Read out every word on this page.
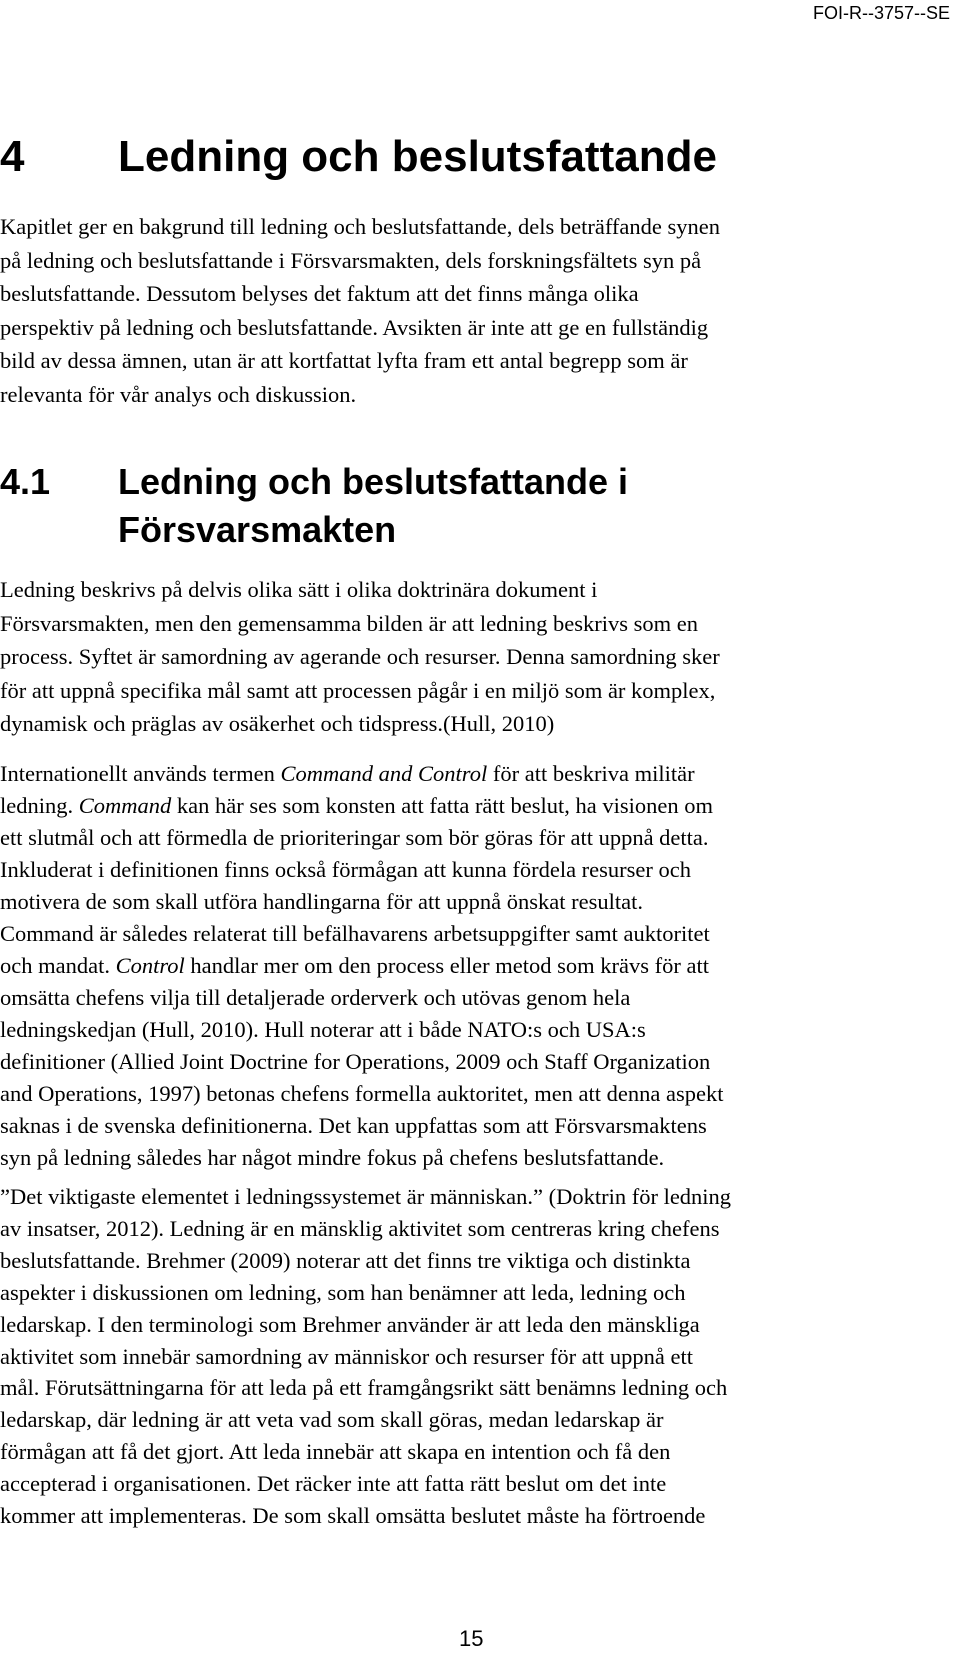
FOI-R--3757--SE
4 Ledning och beslutsfattande

Kapitlet ger en bakgrund till ledning och beslutsfattande, dels beträffande synen
på ledning och beslutsfattande i Försvarsmakten, dels forskningsfältets syn på
beslutsfattande. Dessutom belyses det faktum att det finns många olika
perspektiv på ledning och beslutsfattande. Avsikten är inte att ge en fullständig
bild av dessa ämnen, utan är att kortfattat lyfta fram ett antal begrepp som är
relevanta för vår analys och diskussion.

4.1 Ledning och beslutsfattande i Försvarsmakten

Ledning beskrivs på delvis olika sätt i olika doktrinära dokument i
Försvarsmakten, men den gemensamma bilden är att ledning beskrivs som en
process. Syftet är samordning av agerande och resurser. Denna samordning sker
för att uppnå specifika mål samt att processen pågår i en miljö som är komplex,
dynamisk och präglas av osäkerhet och tidspress.(Hull, 2010)

Internationellt används termen Command and Control för att beskriva militär
ledning. Command kan här ses som konsten att fatta rätt beslut, ha visionen om
ett slutmål och att förmedla de prioriteringar som bör göras för att uppnå detta.
Inkluderat i definitionen finns också förmågan att kunna fördela resurser och
motivera de som skall utföra handlingarna för att uppnå önskat resultat.
Command är således relaterat till befälhavarens arbetsuppgifter samt auktoritet
och mandat. Control handlar mer om den process eller metod som krävs för att
omsätta chefens vilja till detaljerade orderverk och utövas genom hela
ledningskedjan (Hull, 2010). Hull noterar att i både NATO:s och USA:s
definitioner (Allied Joint Doctrine for Operations, 2009 och Staff Organization
and Operations, 1997) betonas chefens formella auktoritet, men att denna aspekt
saknas i de svenska definitionerna. Det kan uppfattas som att Försvarsmaktens
syn på ledning således har något mindre fokus på chefens beslutsfattande.

”Det viktigaste elementet i ledningssystemet är människan.” (Doktrin för ledning
av insatser, 2012). Ledning är en mänsklig aktivitet som centreras kring chefens
beslutsfattande. Brehmer (2009) noterar att det finns tre viktiga och distinkta
aspekter i diskussionen om ledning, som han benämner att leda, ledning och
ledarskap. I den terminologi som Brehmer använder är att leda den mänskliga
aktivitet som innebär samordning av människor och resurser för att uppnå ett
mål. Förutsättningarna för att leda på ett framgångsrikt sätt benämns ledning och
ledarskap, där ledning är att veta vad som skall göras, medan ledarskap är
förmågan att få det gjort. Att leda innebär att skapa en intention och få den
accepterad i organisationen. Det räcker inte att fatta rätt beslut om det inte
kommer att implementeras. De som skall omsätta beslutet måste ha förtroende

15
